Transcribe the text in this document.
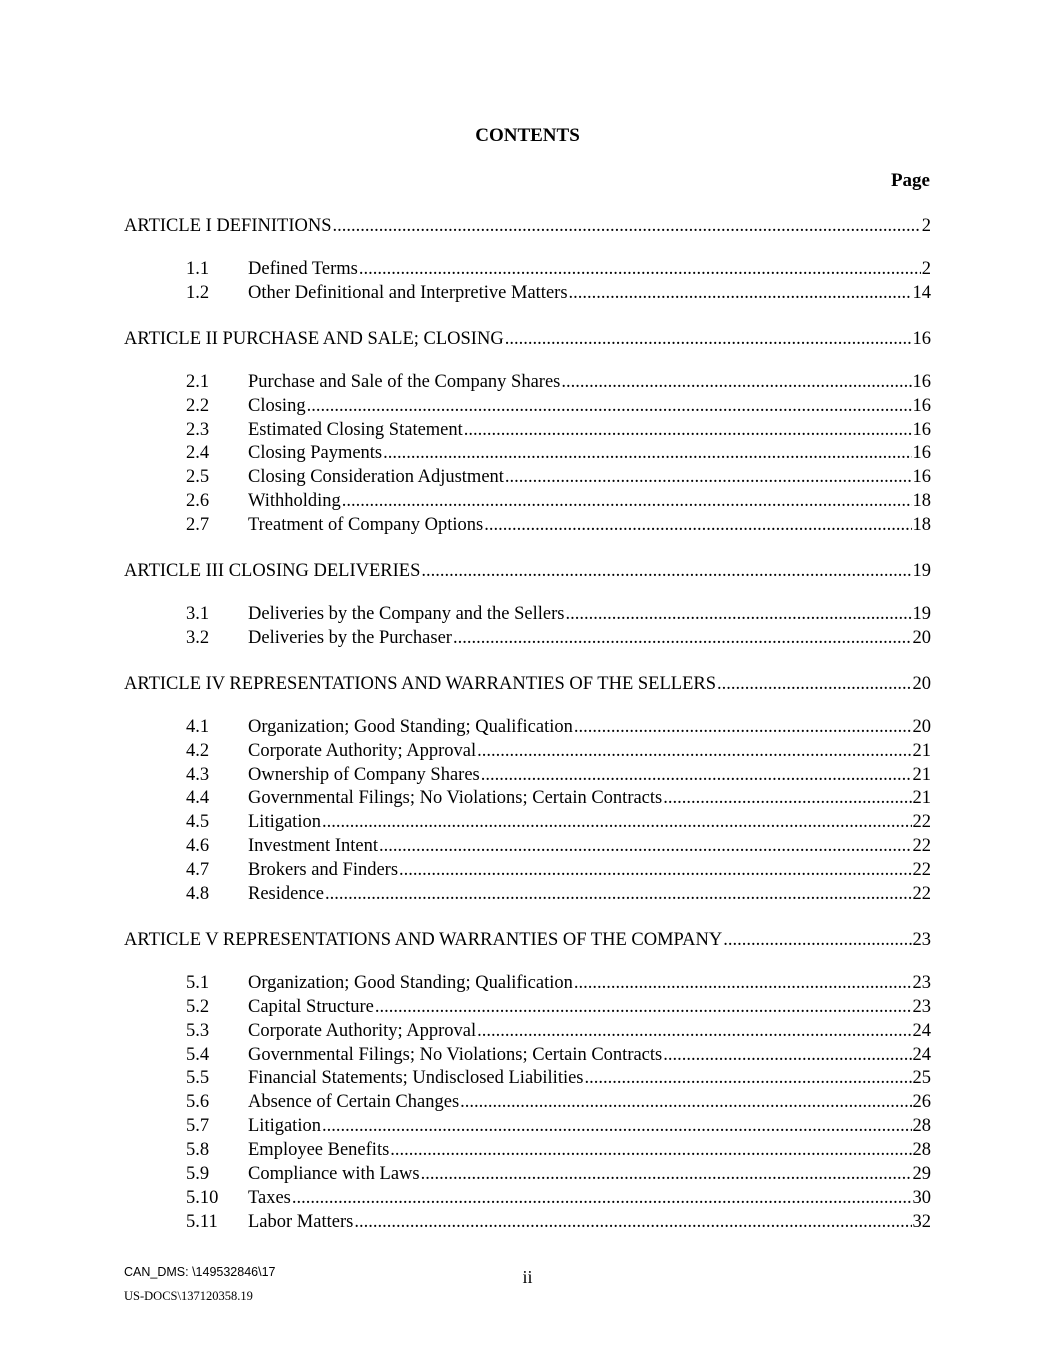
CONTENTS
Page
ARTICLE I DEFINITIONS .....	2
1.1	Defined Terms .....	2
1.2	Other Definitional and Interpretive Matters .....	14
ARTICLE II PURCHASE AND SALE; CLOSING .....	16
2.1	Purchase and Sale of the Company Shares .....	16
2.2	Closing .....	16
2.3	Estimated Closing Statement .....	16
2.4	Closing Payments .....	16
2.5	Closing Consideration Adjustment .....	16
2.6	Withholding .....	18
2.7	Treatment of Company Options .....	18
ARTICLE III CLOSING DELIVERIES .....	19
3.1	Deliveries by the Company and the Sellers .....	19
3.2	Deliveries by the Purchaser .....	20
ARTICLE IV REPRESENTATIONS AND WARRANTIES OF THE SELLERS .....	20
4.1	Organization; Good Standing; Qualification .....	20
4.2	Corporate Authority; Approval .....	21
4.3	Ownership of Company Shares .....	21
4.4	Governmental Filings; No Violations; Certain Contracts .....	21
4.5	Litigation .....	22
4.6	Investment Intent .....	22
4.7	Brokers and Finders .....	22
4.8	Residence .....	22
ARTICLE V REPRESENTATIONS AND WARRANTIES OF THE COMPANY .....	23
5.1	Organization; Good Standing; Qualification .....	23
5.2	Capital Structure .....	23
5.3	Corporate Authority; Approval .....	24
5.4	Governmental Filings; No Violations; Certain Contracts .....	24
5.5	Financial Statements; Undisclosed Liabilities .....	25
5.6	Absence of Certain Changes .....	26
5.7	Litigation .....	28
5.8	Employee Benefits .....	28
5.9	Compliance with Laws .....	29
5.10	Taxes .....	30
5.11	Labor Matters .....	32
CAN_DMS: \149532846\17	ii
US-DOCS\137120358.19
